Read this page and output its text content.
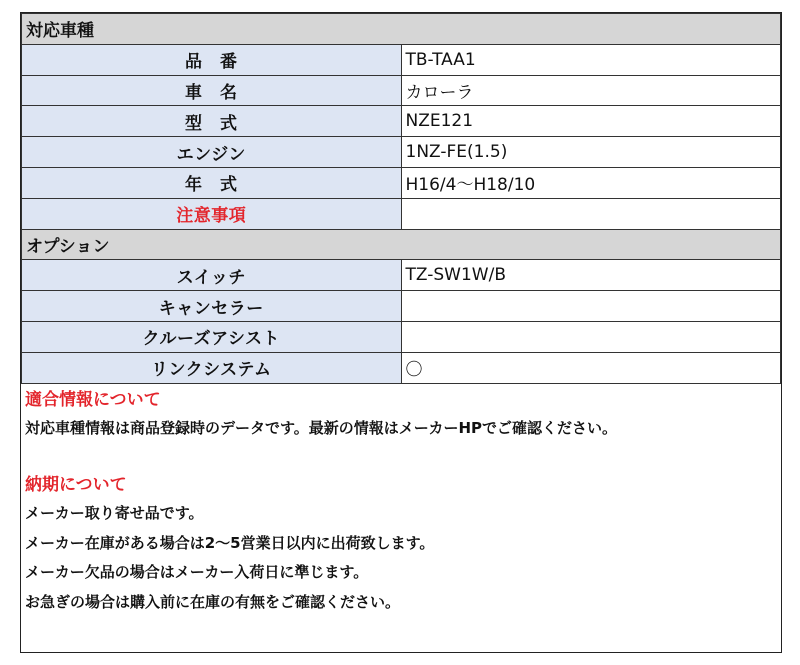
対応車種	
品　番	TB-TAA1
車　名	カローラ
型　式	NZE121
エンジン	1NZ-FE(1.5)
年　式	H16/4〜H18/10
注意事項	
オプション	
スイッチ	TZ-SW1W/B
キャンセラー	
クルーズアシスト	
リンクシステム	〇
適合情報について
対応車種情報は商品登録時のデータです。最新の情報はメーカーHPでご確認ください。
納期について
メーカー取り寄せ品です。
メーカー在庫がある場合は2〜5営業日以内に出荷致します。
メーカー欠品の場合はメーカー入荷日に準じます。
お急ぎの場合は購入前に在庫の有無をご確認ください。
